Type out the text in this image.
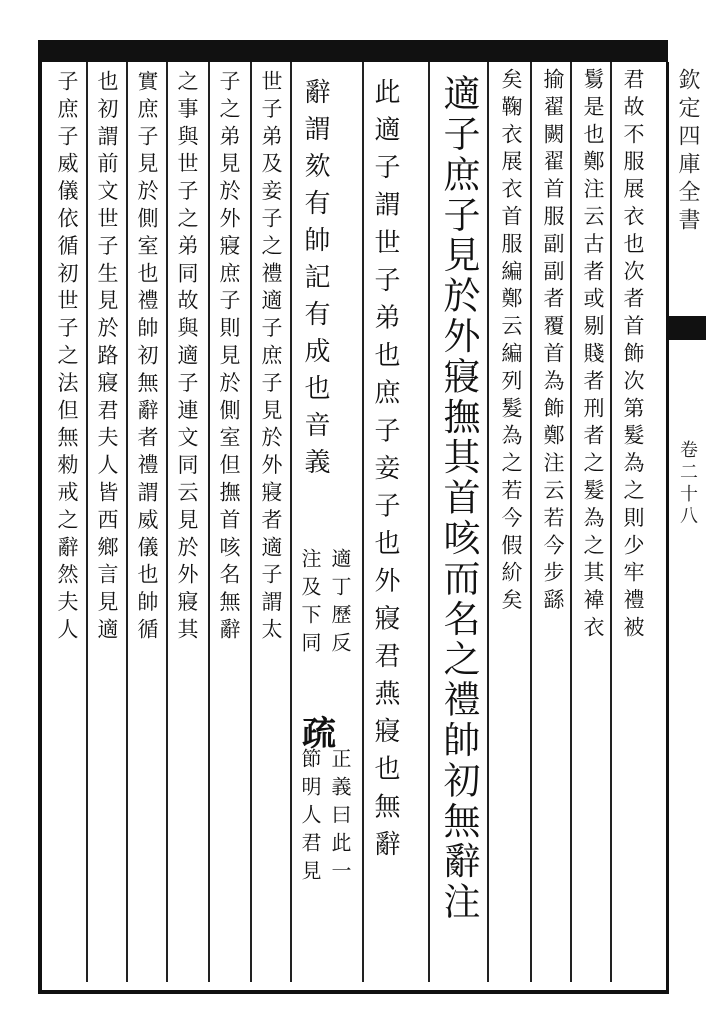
欽定四庫全書
卷二十八
君故不服展衣也次者首飾次第髮為之則少牢禮被
鬄是也鄭注云古者或剔賤者刑者之髮為之其褘衣
揄翟闕翟首服副副者覆首為飾鄭注云若今步繇
矣鞠衣展衣首服編鄭云編列髮為之若今假紒矣
適子庶子見於外寢撫其首咳而名之禮帥初無辭注
此適子謂世子弟也庶子妾子也外寢君燕寢也無辭
辭謂欬有帥記有成也音義
適丁歷反
注及下同
疏
正義曰此一
節明人君見
世子弟及妾子之禮適子庶子見於外寢者適子謂太
子之弟見於外寢庶子則見於側室但撫首咳名無辭
之事與世子之弟同故與適子連文同云見於外寢其
實庶子見於側室也禮帥初無辭者禮謂威儀也帥循
也初謂前文世子生見於路寢君夫人皆西鄉言見適
子庶子威儀依循初世子之法但無勑戒之辭然夫人
